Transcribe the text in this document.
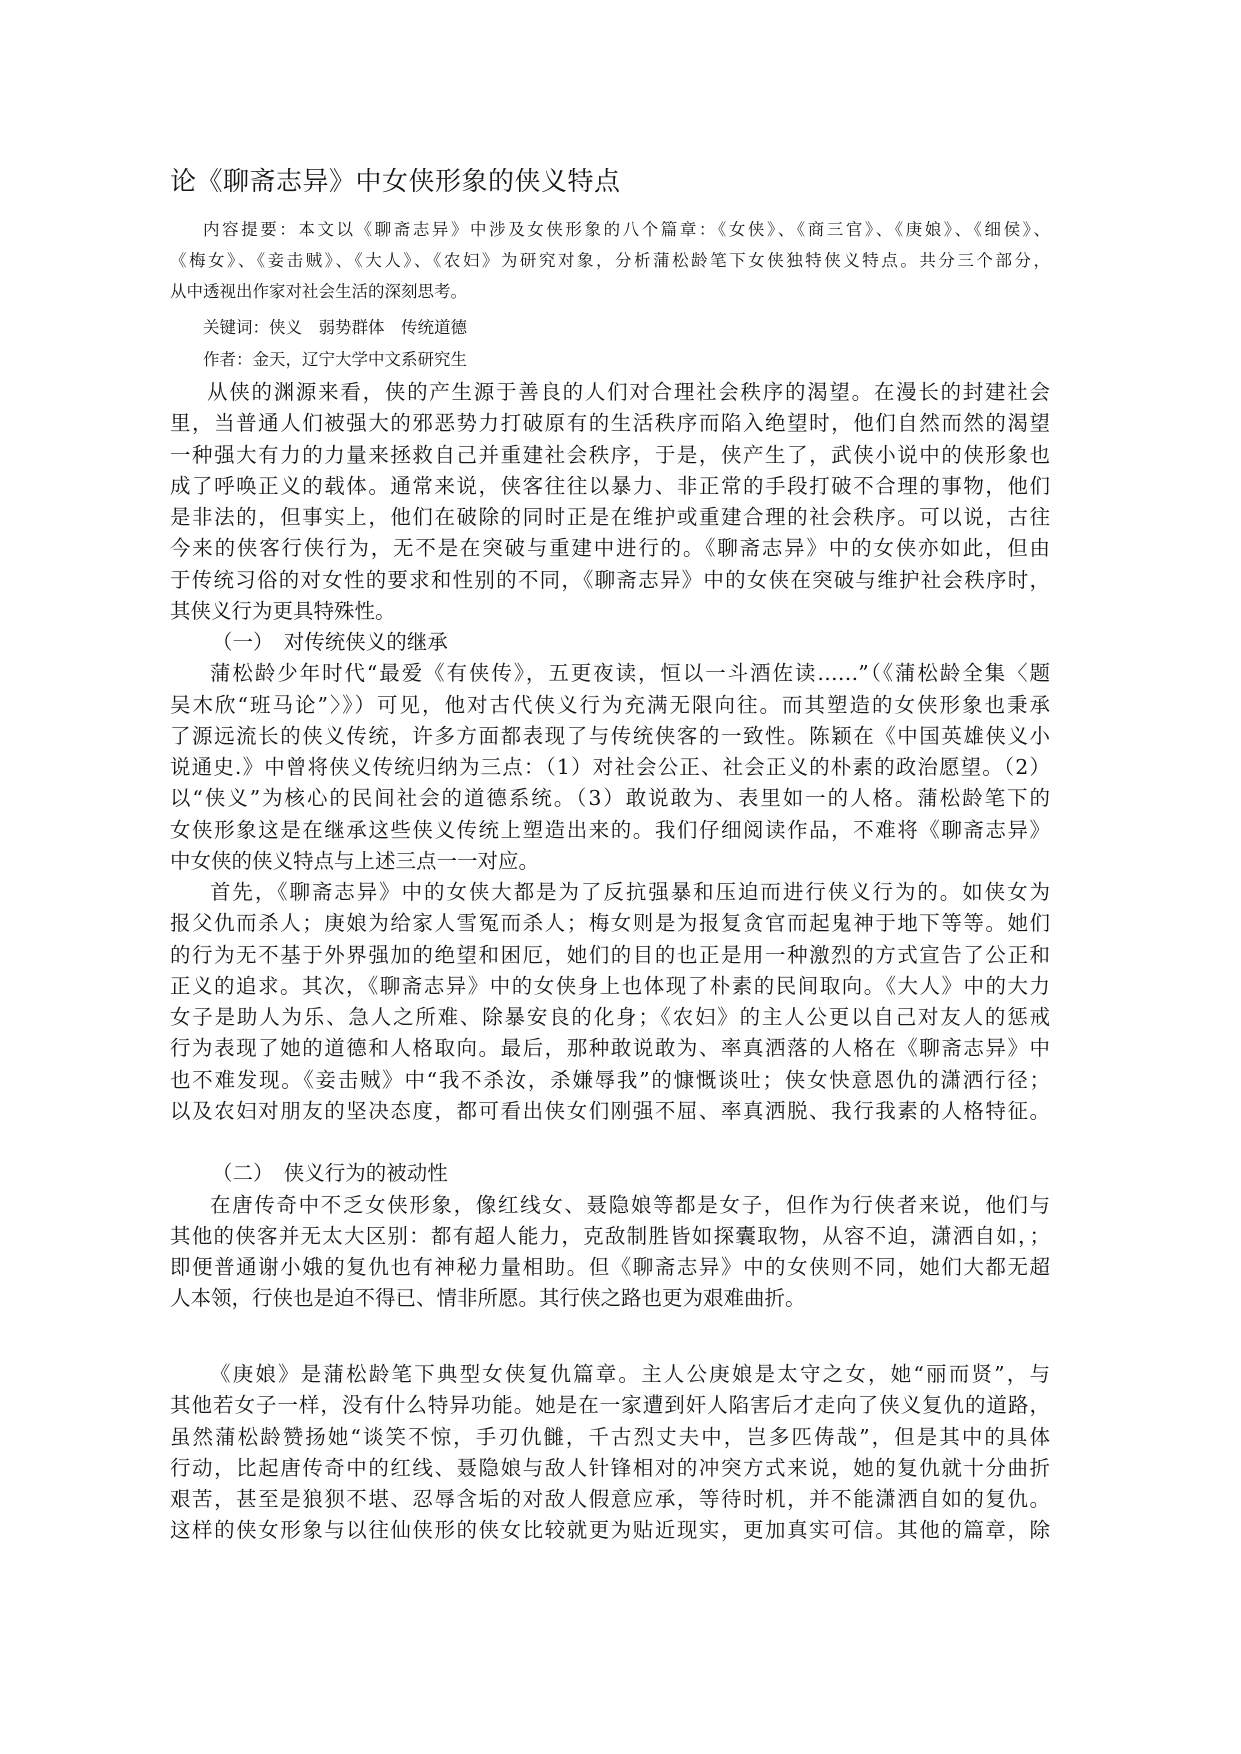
论《聊斋志异》中女侠形象的侠义特点
内容提要：本文以《聊斋志异》中涉及女侠形象的八个篇章：《女侠》、《商三官》、《庚娘》、《细侯》、
《梅女》、《妾击贼》、《大人》、《农妇》为研究对象，分析蒲松龄笔下女侠独特侠义特点。共分三个部分，
从中透视出作家对社会生活的深刻思考。
关键词：侠义　弱势群体　传统道德
作者：金天，辽宁大学中文系研究生
从侠的渊源来看，侠的产生源于善良的人们对合理社会秩序的渴望。在漫长的封建社会
里，当普通人们被强大的邪恶势力打破原有的生活秩序而陷入绝望时，他们自然而然的渴望
一种强大有力的力量来拯救自己并重建社会秩序，于是，侠产生了，武侠小说中的侠形象也
成了呼唤正义的载体。通常来说，侠客往往以暴力、非正常的手段打破不合理的事物，他们
是非法的，但事实上，他们在破除的同时正是在维护或重建合理的社会秩序。可以说，古往
今来的侠客行侠行为，无不是在突破与重建中进行的。《聊斋志异》中的女侠亦如此，但由
于传统习俗的对女性的要求和性别的不同，《聊斋志异》中的女侠在突破与维护社会秩序时，
其侠义行为更具特殊性。
（一）　对传统侠义的继承
蒲松龄少年时代“最爱《有侠传》，五更夜读，恒以一斗酒佐读……”（《蒲松龄全集〈题
吴木欣“班马论”〉》）可见，他对古代侠义行为充满无限向往。而其塑造的女侠形象也秉承
了源远流长的侠义传统，许多方面都表现了与传统侠客的一致性。陈颖在《中国英雄侠义小
说通史.》中曾将侠义传统归纳为三点：（1）对社会公正、社会正义的朴素的政治愿望。（2）
以“侠义”为核心的民间社会的道德系统。（3）敢说敢为、表里如一的人格。蒲松龄笔下的
女侠形象这是在继承这些侠义传统上塑造出来的。我们仔细阅读作品，不难将《聊斋志异》
中女侠的侠义特点与上述三点一一对应。
首先，《聊斋志异》中的女侠大都是为了反抗强暴和压迫而进行侠义行为的。如侠女为
报父仇而杀人；庚娘为给家人雪冤而杀人；梅女则是为报复贪官而起鬼神于地下等等。她们
的行为无不基于外界强加的绝望和困厄，她们的目的也正是用一种激烈的方式宣告了公正和
正义的追求。其次，《聊斋志异》中的女侠身上也体现了朴素的民间取向。《大人》中的大力
女子是助人为乐、急人之所难、除暴安良的化身；《农妇》的主人公更以自己对友人的惩戒
行为表现了她的道德和人格取向。最后，那种敢说敢为、率真洒落的人格在《聊斋志异》中
也不难发现。《妾击贼》中“我不杀汝，杀嫌辱我”的慷慨谈吐；侠女快意恩仇的潇洒行径；
以及农妇对朋友的坚决态度，都可看出侠女们刚强不屈、率真洒脱、我行我素的人格特征。
（二）　侠义行为的被动性
在唐传奇中不乏女侠形象，像红线女、聂隐娘等都是女子，但作为行侠者来说，他们与
其他的侠客并无太大区别：都有超人能力，克敌制胜皆如探囊取物，从容不迫，潇洒自如，；
即便普通谢小娥的复仇也有神秘力量相助。但《聊斋志异》中的女侠则不同，她们大都无超
人本领，行侠也是迫不得已、情非所愿。其行侠之路也更为艰难曲折。
《庚娘》是蒲松龄笔下典型女侠复仇篇章。主人公庚娘是太守之女，她“丽而贤”，与
其他若女子一样，没有什么特异功能。她是在一家遭到奸人陷害后才走向了侠义复仇的道路，
虽然蒲松龄赞扬她“谈笑不惊，手刃仇雠，千古烈丈夫中，岂多匹俦哉”，但是其中的具体
行动，比起唐传奇中的红线、聂隐娘与敌人针锋相对的冲突方式来说，她的复仇就十分曲折
艰苦，甚至是狼狈不堪、忍辱含垢的对敌人假意应承，等待时机，并不能潇洒自如的复仇。
这样的侠女形象与以往仙侠形的侠女比较就更为贴近现实，更加真实可信。其他的篇章，除
